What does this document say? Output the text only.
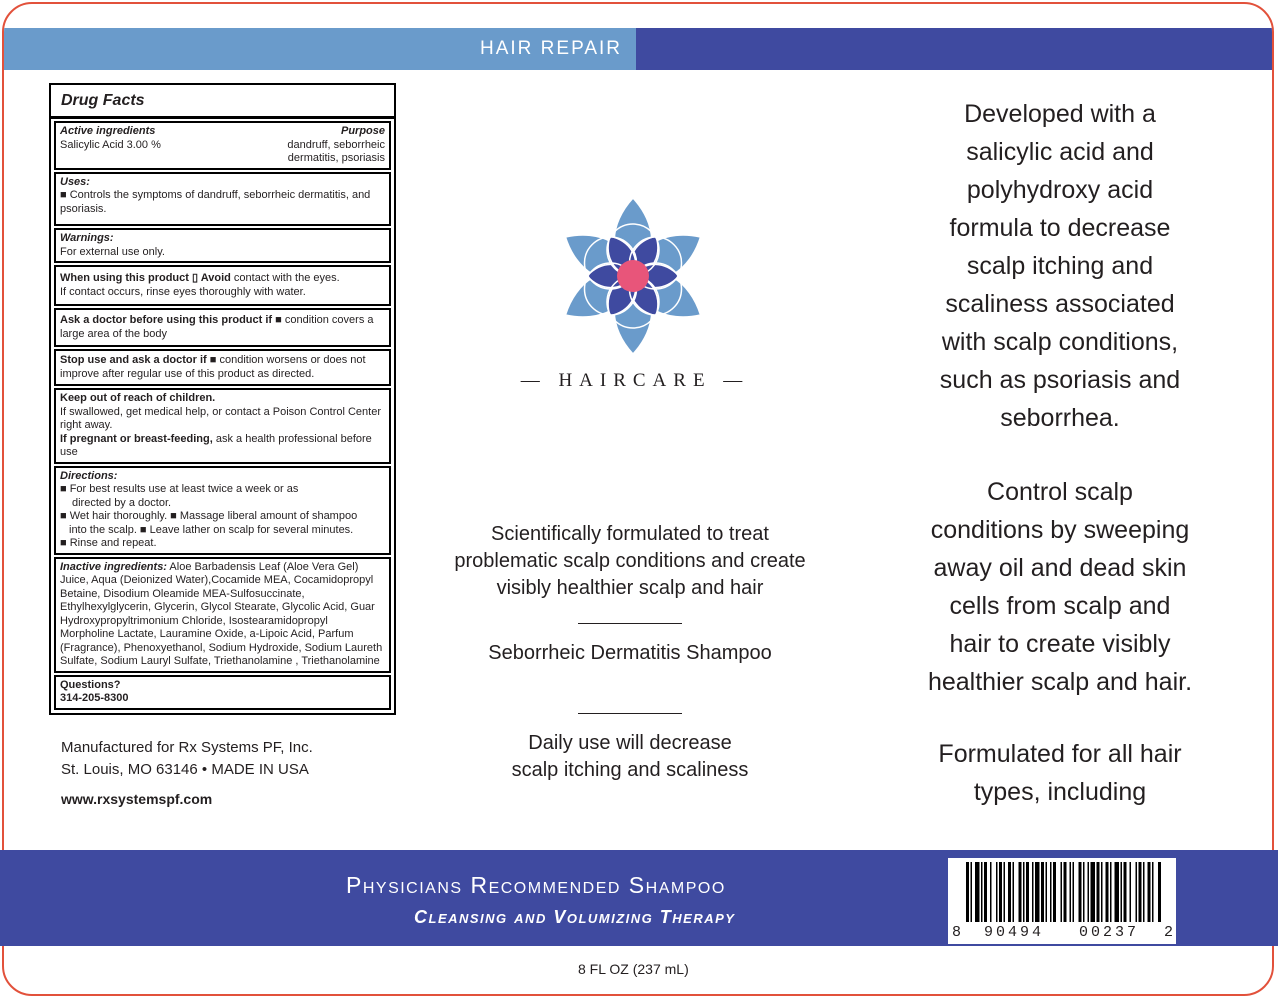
HAIR REPAIR
Drug Facts
Active ingredients	Purpose
Salicylic Acid 3.00 %	dandruff, seborrheic
dermatitis, psoriasis
Uses:
■ Controls the symptoms of dandruff, seborrheic dermatitis, and psoriasis.
Warnings:
For external use only.
When using this product ▯ Avoid contact with the eyes.
If contact occurs, rinse eyes thoroughly with water.
Ask a doctor before using this product if ■ condition covers a large area of the body
Stop use and ask a doctor if ■ condition worsens or does not improve after regular use of this product as directed.
Keep out of reach of children.
If swallowed, get medical help, or contact a Poison Control Center right away.
If pregnant or breast-feeding, ask a health professional before use
Directions:
■ For best results use at least twice a week or as
directed by a doctor.
■ Wet hair thoroughly. ■ Massage liberal amount of shampoo
into the scalp. ■ Leave lather on scalp for several minutes.
■ Rinse and repeat.
Inactive ingredients: Aloe Barbadensis Leaf (Aloe Vera Gel) Juice, Aqua (Deionized Water),Cocamide MEA, Cocamidopropyl Betaine, Disodium Oleamide MEA-Sulfosuccinate, Ethylhexylglycerin, Glycerin, Glycol Stearate, Glycolic Acid, Guar Hydroxypropyltrimonium Chloride, Isostearamidopropyl Morpholine Lactate, Lauramine Oxide, a-Lipoic Acid, Parfum (Fragrance), Phenoxyethanol, Sodium Hydroxide, Sodium Laureth Sulfate, Sodium Lauryl Sulfate, Triethanolamine , Triethanolamine
Questions?
314-205-8300
Manufactured for Rx Systems PF, Inc.
St. Louis, MO 63146 • MADE IN USA
www.rxsystemspf.com
— HAIRCARE —
Scientifically formulated to treat
problematic scalp conditions and create
visibly healthier scalp and hair
Seborrheic Dermatitis Shampoo
Daily use will decrease
scalp itching and scaliness
Developed with a
salicylic acid and
polyhydroxy acid
formula to decrease
scalp itching and
scaliness associated
with scalp conditions,
such as psoriasis and
seborrhea.
Control scalp
conditions by sweeping
away oil and dead skin
cells from scalp and
hair to create visibly
healthier scalp and hair.
Formulated for all hair
types, including
Physicians Recommended Shampoo
Cleansing and Volumizing Therapy
8 90494 00237 2
8 FL OZ (237 mL)
